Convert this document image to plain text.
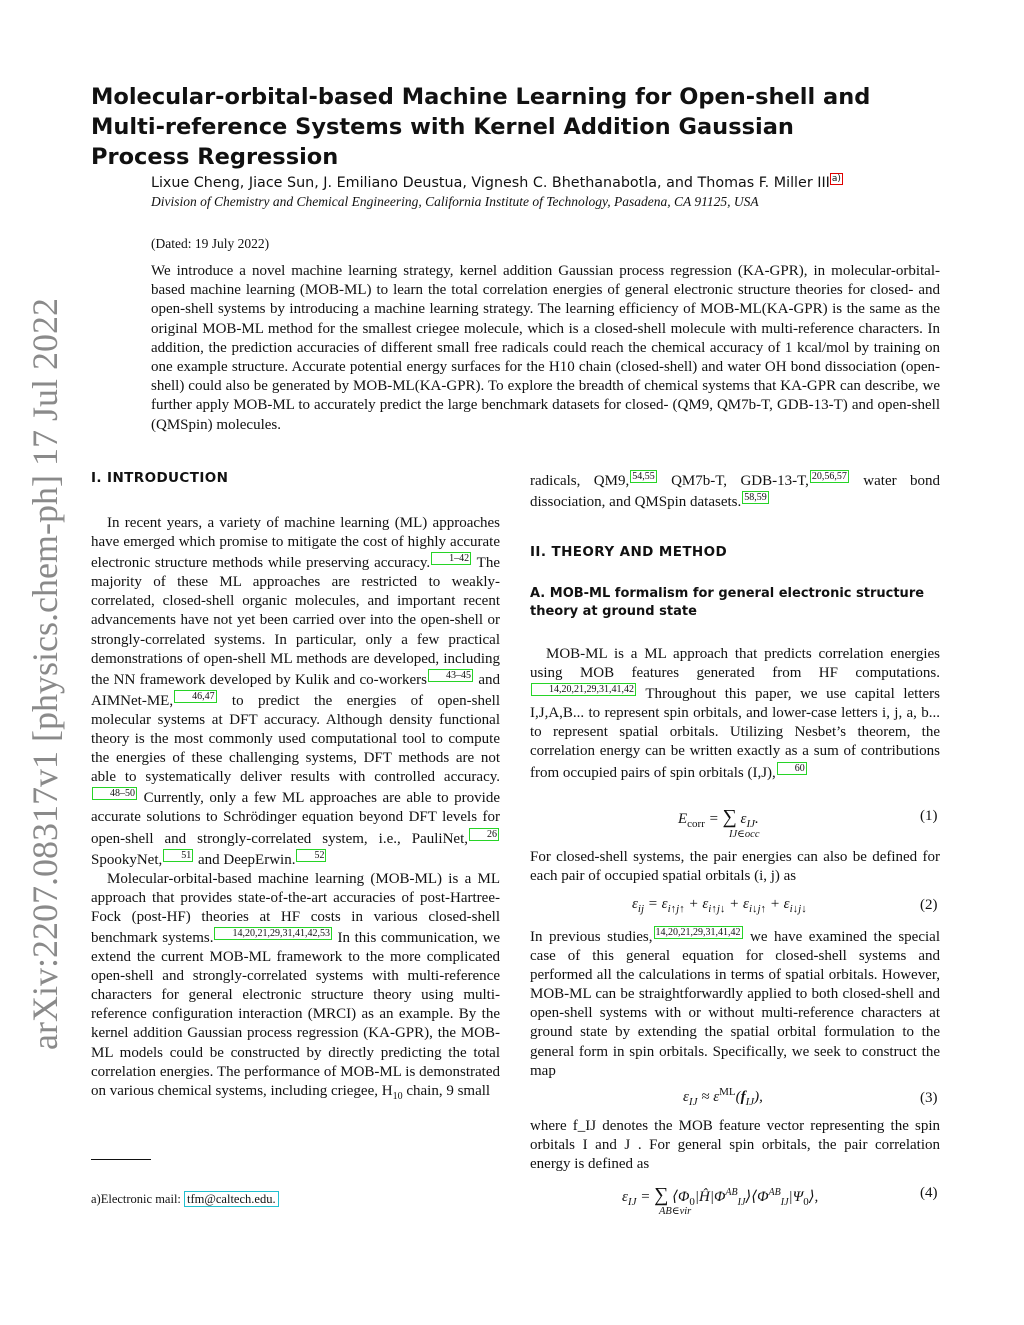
arXiv:2207.08317v1 [physics.chem-ph] 17 Jul 2022
Molecular-orbital-based Machine Learning for Open-shell and Multi-reference Systems with Kernel Addition Gaussian Process Regression
Lixue Cheng, Jiace Sun, J. Emiliano Deustua, Vignesh C. Bhethanabotla, and Thomas F. Miller III a)
Division of Chemistry and Chemical Engineering, California Institute of Technology, Pasadena, CA 91125, USA
(Dated: 19 July 2022)
We introduce a novel machine learning strategy, kernel addition Gaussian process regression (KA-GPR), in molecular-orbital-based machine learning (MOB-ML) to learn the total correlation energies of general electronic structure theories for closed- and open-shell systems by introducing a machine learning strategy. The learning efficiency of MOB-ML(KA-GPR) is the same as the original MOB-ML method for the smallest criegee molecule, which is a closed-shell molecule with multi-reference characters. In addition, the prediction accuracies of different small free radicals could reach the chemical accuracy of 1 kcal/mol by training on one example structure. Accurate potential energy surfaces for the H10 chain (closed-shell) and water OH bond dissociation (open-shell) could also be generated by MOB-ML(KA-GPR). To explore the breadth of chemical systems that KA-GPR can describe, we further apply MOB-ML to accurately predict the large benchmark datasets for closed- (QM9, QM7b-T, GDB-13-T) and open-shell (QMSpin) molecules.
I. INTRODUCTION

In recent years, a variety of machine learning (ML) approaches have emerged which promise to mitigate the cost of highly accurate electronic structure methods while preserving accuracy. 1–42 The majority of these ML approaches are restricted to weakly-correlated, closed-shell organic molecules, and important recent advancements have not yet been carried over into the open-shell or strongly-correlated systems. In particular, only a few practical demonstrations of open-shell ML methods are developed, including the NN framework developed by Kulik and co-workers 43–45 and AIMNet-ME, 46,47 to predict the energies of open-shell molecular systems at DFT accuracy. Although density functional theory is the most commonly used computational tool to compute the energies of these challenging systems, DFT methods are not able to systematically deliver results with controlled accuracy.48–50 Currently, only a few ML approaches are able to provide accurate solutions to Schrödinger equation beyond DFT levels for open-shell and strongly-correlated system, i.e., PauliNet, 26 SpookyNet, 51 and DeepErwin. 52

Molecular-orbital-based machine learning (MOB-ML) is a ML approach that provides state-of-the-art accuracies of post-Hartree-Fock (post-HF) theories at HF costs in various closed-shell benchmark systems. 14,20,21,29,31,41,42,53 In this communication, we extend the current MOB-ML framework to the more complicated open-shell and strongly-correlated systems with multi-reference characters for general electronic structure theory using multi-reference configuration interaction (MRCI) as an example. By the kernel addition Gaussian process regression (KA-GPR), the MOB-ML models could be constructed by directly predicting the total correlation energies. The performance of MOB-ML is demonstrated on various chemical systems, including criegee, $H_{10}$ chain, 9 small

a)Electronic mail: tfm@caltech.edu.

radicals, QM9, 54,55 QM7b-T, GDB-13-T, 20,56,57 water bond dissociation, and QMSpin datasets. 58,59

II. THEORY AND METHOD
A. MOB-ML formalism for general electronic structure theory at ground state

MOB-ML is a ML approach that predicts correlation energies using MOB features generated from HF computations.14,20,21,29,31,41,42 Throughout this paper, we use capital letters I,J,A,B... to represent spin orbitals, and lower-case letters i, j, a, b... to represent spatial orbitals. Utilizing Nesbet’s theorem, the correlation energy can be written exactly as a sum of contributions from occupied pairs of spin orbitals (I,J), 60

$E_{corr}$ = ∑ $\varepsilon_{IJ}$.
IJ∈occ
(1)

For closed-shell systems, the pair energies can also be defined for each pair of occupied spatial orbitals (i, j) as

$\varepsilon_{ij} = \varepsilon_{i↑j↑} + \varepsilon_{i↑j↓} + \varepsilon_{i↓j↑} + \varepsilon_{i↓j↓}$	(2)

In previous studies, 14,20,21,29,31,41,42 we have examined the special case of this general equation for closed-shell systems and performed all the calculations in terms of spatial orbitals. However, MOB-ML can be straightforwardly applied to both closed-shell and open-shell systems with or without multi-reference characters at ground state by extending the spatial orbital formulation to the general form in spin orbitals. Specifically, we seek to construct the map

$\varepsilon_{IJ} \approx \varepsilon^{ML}(f_{IJ})$,	(3)

where f_IJ denotes the MOB feature vector representing the spin orbitals I and J . For general spin orbitals, the pair correlation energy is defined as

$\varepsilon_{IJ}$ = ∑ $⟨\Phi_0|Ĥ|\Phi^{AB}_{IJ}⟩⟨\Phi^{AB}_{IJ}|\Psi_0⟩$,
AB∈vir
(4)
